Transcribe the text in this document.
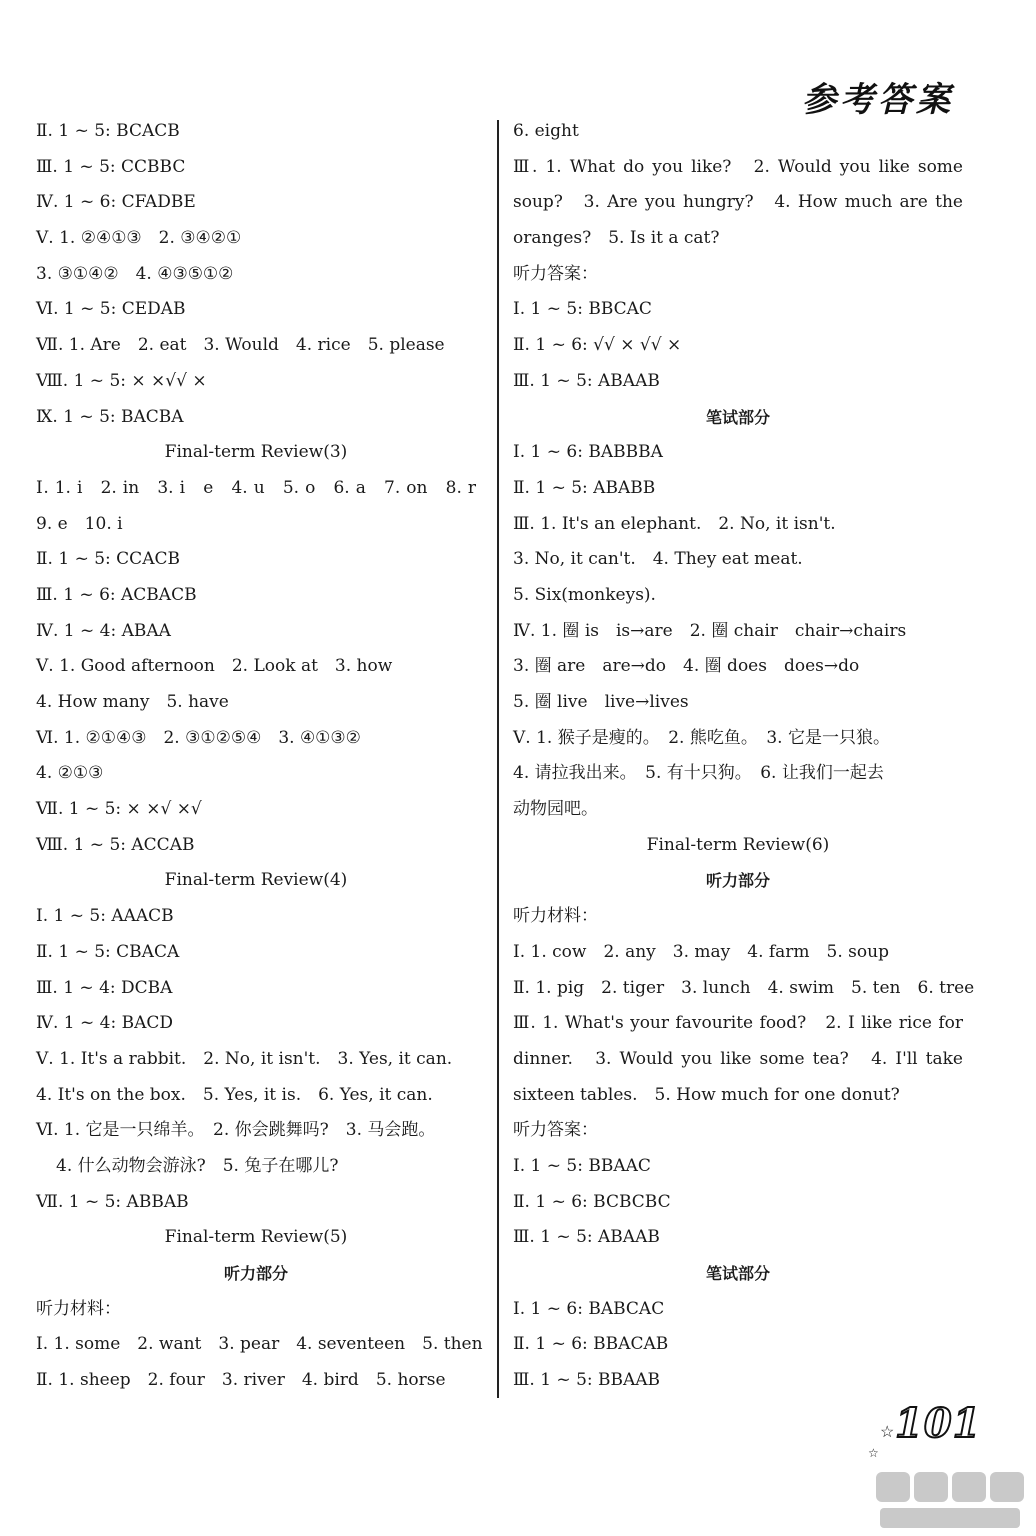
参考答案
Ⅱ. 1 ~ 5: BCACB
Ⅲ. 1 ~ 5: CCBBC
Ⅳ. 1 ~ 6: CFADBE
Ⅴ. 1. ②④①③　2. ③④②①
3. ③①④②　4. ④③⑤①②
Ⅵ. 1 ~ 5: CEDAB
Ⅶ. 1. Are　2. eat　3. Would　4. rice　5. please
Ⅷ. 1 ~ 5: × ×√√ ×
Ⅸ. 1 ~ 5: BACBA
Final-term Review(3)
Ⅰ. 1. i　2. in　3. i　e　4. u　5. o　6. a　7. on　8. r
9. e　10. i
Ⅱ. 1 ~ 5: CCACB
Ⅲ. 1 ~ 6: ACBACB
Ⅳ. 1 ~ 4: ABAA
Ⅴ. 1. Good afternoon　2. Look at　3. how
4. How many　5. have
Ⅵ. 1. ②①④③　2. ③①②⑤④　3. ④①③②
4. ②①③
Ⅶ. 1 ~ 5: × ×√ ×√
Ⅷ. 1 ~ 5: ACCAB
Final-term Review(4)
Ⅰ. 1 ~ 5: AAACB
Ⅱ. 1 ~ 5: CBACA
Ⅲ. 1 ~ 4: DCBA
Ⅳ. 1 ~ 4: BACD
Ⅴ. 1. It's a rabbit.　2. No, it isn't.　3. Yes, it can.
4. It's on the box.　5. Yes, it is.　6. Yes, it can.
Ⅵ. 1. 它是一只绵羊。　2. 你会跳舞吗?　3. 马会跑。
4. 什么动物会游泳?　5. 兔子在哪儿?
Ⅶ. 1 ~ 5: ABBAB
Final-term Review(5)
听力部分
听力材料：
Ⅰ. 1. some　2. want　3. pear　4. seventeen　5. then
Ⅱ. 1. sheep　2. four　3. river　4. bird　5. horse
6. eight
Ⅲ. 1. What do you like?　2. Would you like some
soup?　3. Are you hungry?　4. How much are the
oranges?　5. Is it a cat?
听力答案：
Ⅰ. 1 ~ 5: BBCAC
Ⅱ. 1 ~ 6: √√ × √√ ×
Ⅲ. 1 ~ 5: ABAAB
笔试部分
Ⅰ. 1 ~ 6: BABBBA
Ⅱ. 1 ~ 5: ABABB
Ⅲ. 1. It's an elephant.　2. No, it isn't.
3. No, it can't.　4. They eat meat.
5. Six(monkeys).
Ⅳ. 1. 圈 is　is→are　2. 圈 chair　chair→chairs
3. 圈 are　are→do　4. 圈 does　does→do
5. 圈 live　live→lives
Ⅴ. 1. 猴子是瘦的。　2. 熊吃鱼。　3. 它是一只狼。
4. 请拉我出来。　5. 有十只狗。　6. 让我们一起去
动物园吧。
Final-term Review(6)
听力部分
听力材料：
Ⅰ. 1. cow　2. any　3. may　4. farm　5. soup
Ⅱ. 1. pig　2. tiger　3. lunch　4. swim　5. ten　6. tree
Ⅲ. 1. What's your favourite food?　2. I like rice for
dinner.　3. Would you like some tea?　4. I'll take
sixteen tables.　5. How much for one donut?
听力答案：
Ⅰ. 1 ~ 5: BBAAC
Ⅱ. 1 ~ 6: BCBCBC
Ⅲ. 1 ~ 5: ABAAB
笔试部分
Ⅰ. 1 ~ 6: BABCAC
Ⅱ. 1 ~ 6: BBACAB
Ⅲ. 1 ~ 5: BBAAB
☆
☆
101
